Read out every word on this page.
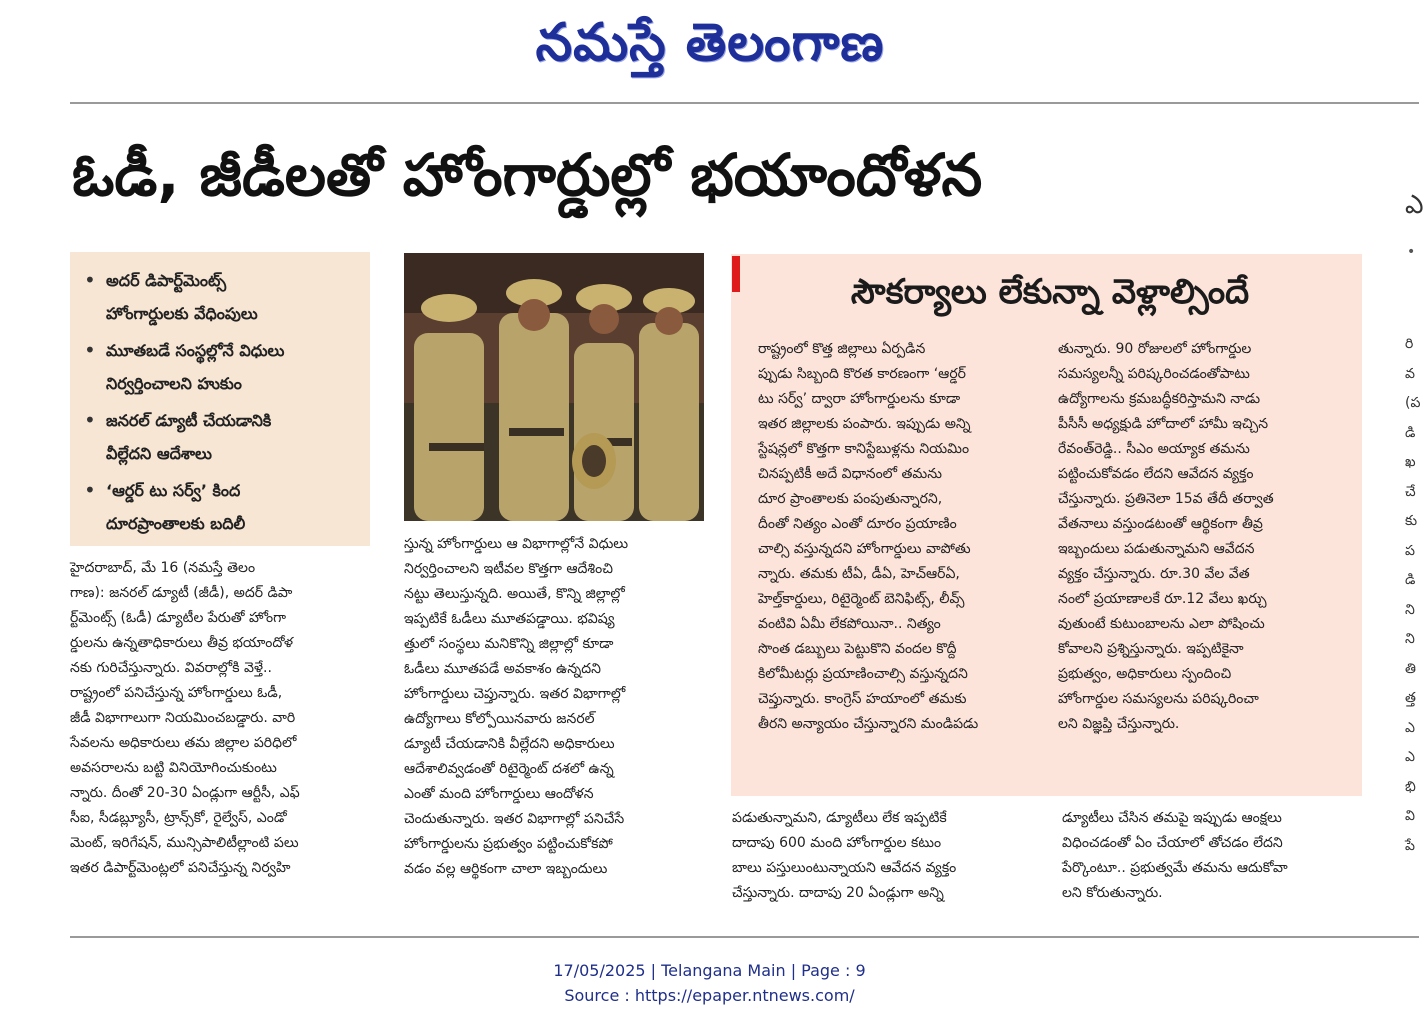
నమస్తే తెలంగాణ
ఓడీ, జీడీలతో హోంగార్డుల్లో భయాందోళన	ఎ
•
రి
వ
(ప
డి
ఖ
చే
కు
ప
డి
ని
ని
తి
త్త
ఎ
ఎ
భి
వి
పే
• అదర్ డిపార్ట్‌మెంట్స్
హోంగార్డులకు వేధింపులు
• మూతబడే సంస్థల్లోనే విధులు
నిర్వర్తించాలని హుకుం
• జనరల్ డ్యూటీ చేయడానికి
వీల్లేదని ఆదేశాలు
• ‘ఆర్డర్ టు సర్వ్’ కింద
దూరప్రాంతాలకు బదిలీ
హైదరాబాద్, మే 16 (నమస్తే తెలం
గాణ): జనరల్ డ్యూటీ (జీడీ), అదర్ డిపా
ర్ట్‌మెంట్స్ (ఓడీ) డ్యూటీల పేరుతో హోంగా
ర్డులను ఉన్నతాధికారులు తీవ్ర భయాందోళ
నకు గురిచేస్తున్నారు. వివరాల్లోకి వెళ్తే..
రాష్ట్రంలో పనిచేస్తున్న హోంగార్డులు ఓడీ,
జీడీ విభాగాలుగా నియమించబడ్డారు. వారి
సేవలను అధికారులు తమ జిల్లాల పరిధిలో
అవసరాలను బట్టి వినియోగించుకుంటు
న్నారు. దీంతో 20-30 ఏండ్లుగా ఆర్టీసీ, ఎఫ్
సీఐ, సీడబ్ల్యూసీ, ట్రాన్స్‌కో, రైల్వేస్, ఎండో
మెంట్, ఇరిగేషన్, మున్సిపాలిటీల్లాంటి పలు
ఇతర డిపార్ట్‌మెంట్లలో పనిచేస్తున్న నిర్వహి
స్తున్న హోంగార్డులు ఆ విభాగాల్లోనే విధులు
నిర్వర్తించాలని ఇటీవల కొత్తగా ఆదేశించి
నట్టు తెలుస్తున్నది. అయితే, కొన్ని జిల్లాల్లో
ఇప్పటికే ఓడీలు మూతపడ్డాయి. భవిష్య
త్తులో సంస్థలు మనికొన్ని జిల్లాల్లో కూడా
ఓడీలు మూతపడే అవకాశం ఉన్నదని
హోంగార్డులు చెప్తున్నారు. ఇతర విభాగాల్లో
ఉద్యోగాలు కోల్పోయినవారు జనరల్
డ్యూటీ చేయడానికి వీల్లేదని అధికారులు
ఆదేశాలివ్వడంతో రిటైర్మెంట్ దశలో ఉన్న
ఎంతో మంది హోంగార్డులు ఆందోళన
చెందుతున్నారు. ఇతర విభాగాల్లో పనిచేసే
హోంగార్డులను ప్రభుత్వం పట్టించుకోకపో
వడం వల్ల ఆర్థికంగా చాలా ఇబ్బందులు
సౌకర్యాలు లేకున్నా వెళ్లాల్సిందే
రాష్ట్రంలో కొత్త జిల్లాలు ఏర్పడిన
ప్పుడు సిబ్బంది కొరత కారణంగా ‘ఆర్డర్
టు సర్వ్’ ద్వారా హోంగార్డులను కూడా
ఇతర జిల్లాలకు పంపారు. ఇప్పుడు అన్ని
స్టేషన్లలో కొత్తగా కానిస్టేబుళ్లను నియమిం
చినప్పటికీ అదే విధానంలో తమను
దూర ప్రాంతాలకు పంపుతున్నారని,
దీంతో నిత్యం ఎంతో దూరం ప్రయాణిం
చాల్సి వస్తున్నదని హోంగార్డులు వాపోతు
న్నారు. తమకు టీఏ, డీఏ, హెచ్ఆర్ఏ,
హెల్త్‌కార్డులు, రిటైర్మెంట్ బెనిఫిట్స్, లీవ్స్
వంటివి ఏమీ లేకపోయినా.. నిత్యం
సొంత డబ్బులు పెట్టుకొని వందల కొద్దీ
కిలోమీటర్లు ప్రయాణించాల్సి వస్తున్నదని
చెప్తున్నారు. కాంగ్రెస్ హయాంలో తమకు
తీరని అన్యాయం చేస్తున్నారని మండిపడు
తున్నారు. 90 రోజులలో హోంగార్డుల
సమస్యలన్నీ పరిష్కరించడంతోపాటు
ఉద్యోగాలను క్రమబద్ధీకరిస్తామని నాడు
పీసీసీ అధ్యక్షుడి హోదాలో హామీ ఇచ్చిన
రేవంత్‌రెడ్డి.. సీఎం అయ్యాక తమను
పట్టించుకోవడం లేదని ఆవేదన వ్యక్తం
చేస్తున్నారు. ప్రతినెలా 15వ తేదీ తర్వాత
వేతనాలు వస్తుండటంతో ఆర్థికంగా తీవ్ర
ఇబ్బందులు పడుతున్నామని ఆవేదన
వ్యక్తం చేస్తున్నారు. రూ.30 వేల వేత
నంలో ప్రయాణాలకే రూ.12 వేలు ఖర్చు
వుతుంటే కుటుంబాలను ఎలా పోషించు
కోవాలని ప్రశ్నిస్తున్నారు. ఇప్పటికైనా
ప్రభుత్వం, అధికారులు స్పందించి
హోంగార్డుల సమస్యలను పరిష్కరించా
లని విజ్ఞప్తి చేస్తున్నారు.
పడుతున్నామని, డ్యూటీలు లేక ఇప్పటికే
దాదాపు 600 మంది హోంగార్డుల కటుం
బాలు పస్తులుంటున్నాయని ఆవేదన వ్యక్తం
చేస్తున్నారు. దాదాపు 20 ఏండ్లుగా అన్ని
డ్యూటీలు చేసిన తమపై ఇప్పుడు ఆంక్షలు
విధించడంతో ఏం చేయాలో తోచడం లేదని
పేర్కొంటూ.. ప్రభుత్వమే తమను ఆదుకోవా
లని కోరుతున్నారు.
17/05/2025 | Telangana Main | Page : 9
Source : https://epaper.ntnews.com/
